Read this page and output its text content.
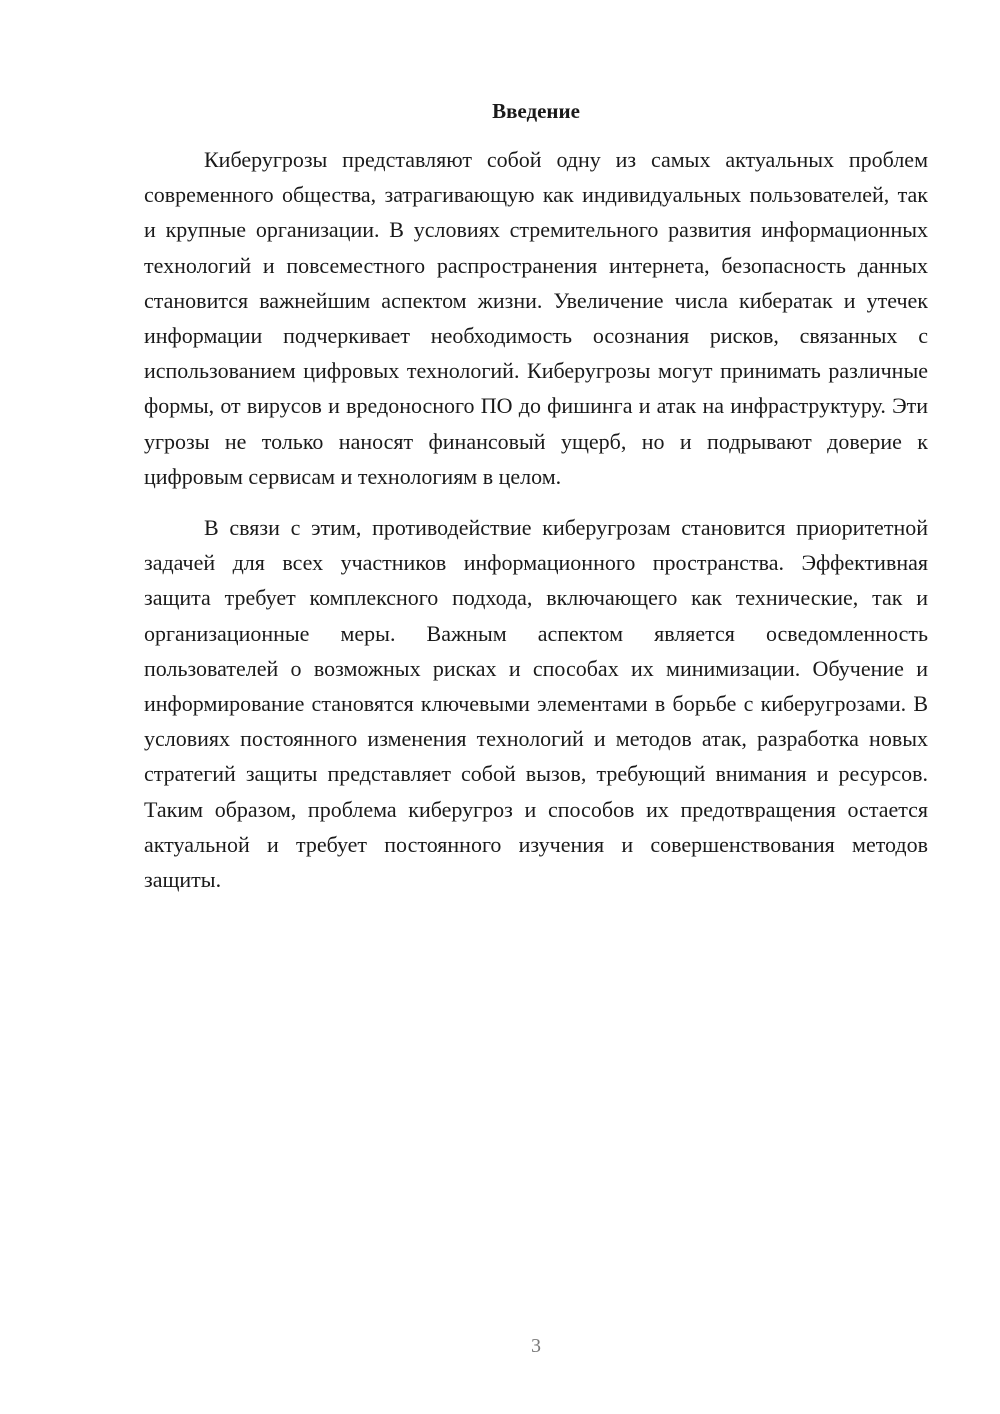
Введение

Киберугрозы представляют собой одну из самых актуальных проблем современного общества, затрагивающую как индивидуальных пользователей, так и крупные организации. В условиях стремительного развития информационных технологий и повсеместного распространения интернета, безопасность данных становится важнейшим аспектом жизни. Увеличение числа кибератак и утечек информации подчеркивает необходимость осознания рисков, связанных с использованием цифровых технологий. Киберугрозы могут принимать различные формы, от вирусов и вредоносного ПО до фишинга и атак на инфраструктуру. Эти угрозы не только наносят финансовый ущерб, но и подрывают доверие к цифровым сервисам и технологиям в целом.

В связи с этим, противодействие киберугрозам становится приоритетной задачей для всех участников информационного пространства. Эффективная защита требует комплексного подхода, включающего как технические, так и организационные меры. Важным аспектом является осведомленность пользователей о возможных рисках и способах их минимизации. Обучение и информирование становятся ключевыми элементами в борьбе с киберугрозами. В условиях постоянного изменения технологий и методов атак, разработка новых стратегий защиты представляет собой вызов, требующий внимания и ресурсов. Таким образом, проблема киберугроз и способов их предотвращения остается актуальной и требует постоянного изучения и совершенствования методов защиты.

3
